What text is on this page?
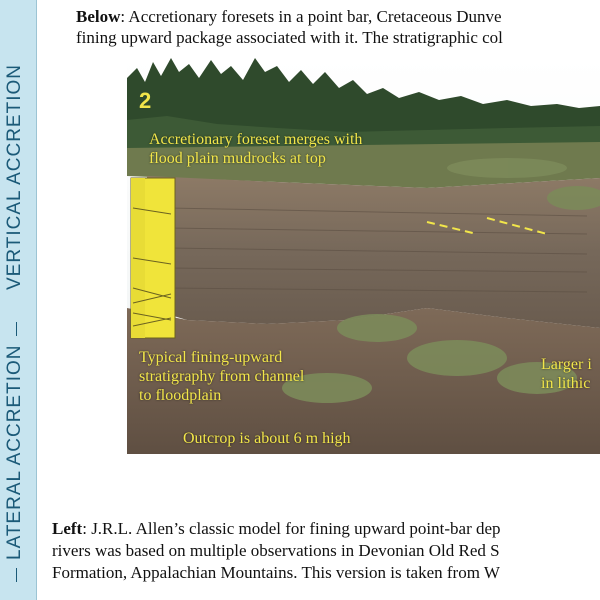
VERTICAL ACCRETION
LATERAL ACCRETION
Below: Accretionary foresets in a point bar, Cretaceous Dunve
fining upward package associated with it. The stratigraphic col
2
Accretionary foreset merges with
flood plain mudrocks at top
Typical fining-upward
stratigraphy from channel
to floodplain
Larger i
in lithic
Outcrop is about 6 m high
Left: J.R.L. Allen’s classic model for fining upward point-bar dep
rivers was based on multiple observations in Devonian Old Red S
Formation, Appalachian Mountains. This version is taken from W
